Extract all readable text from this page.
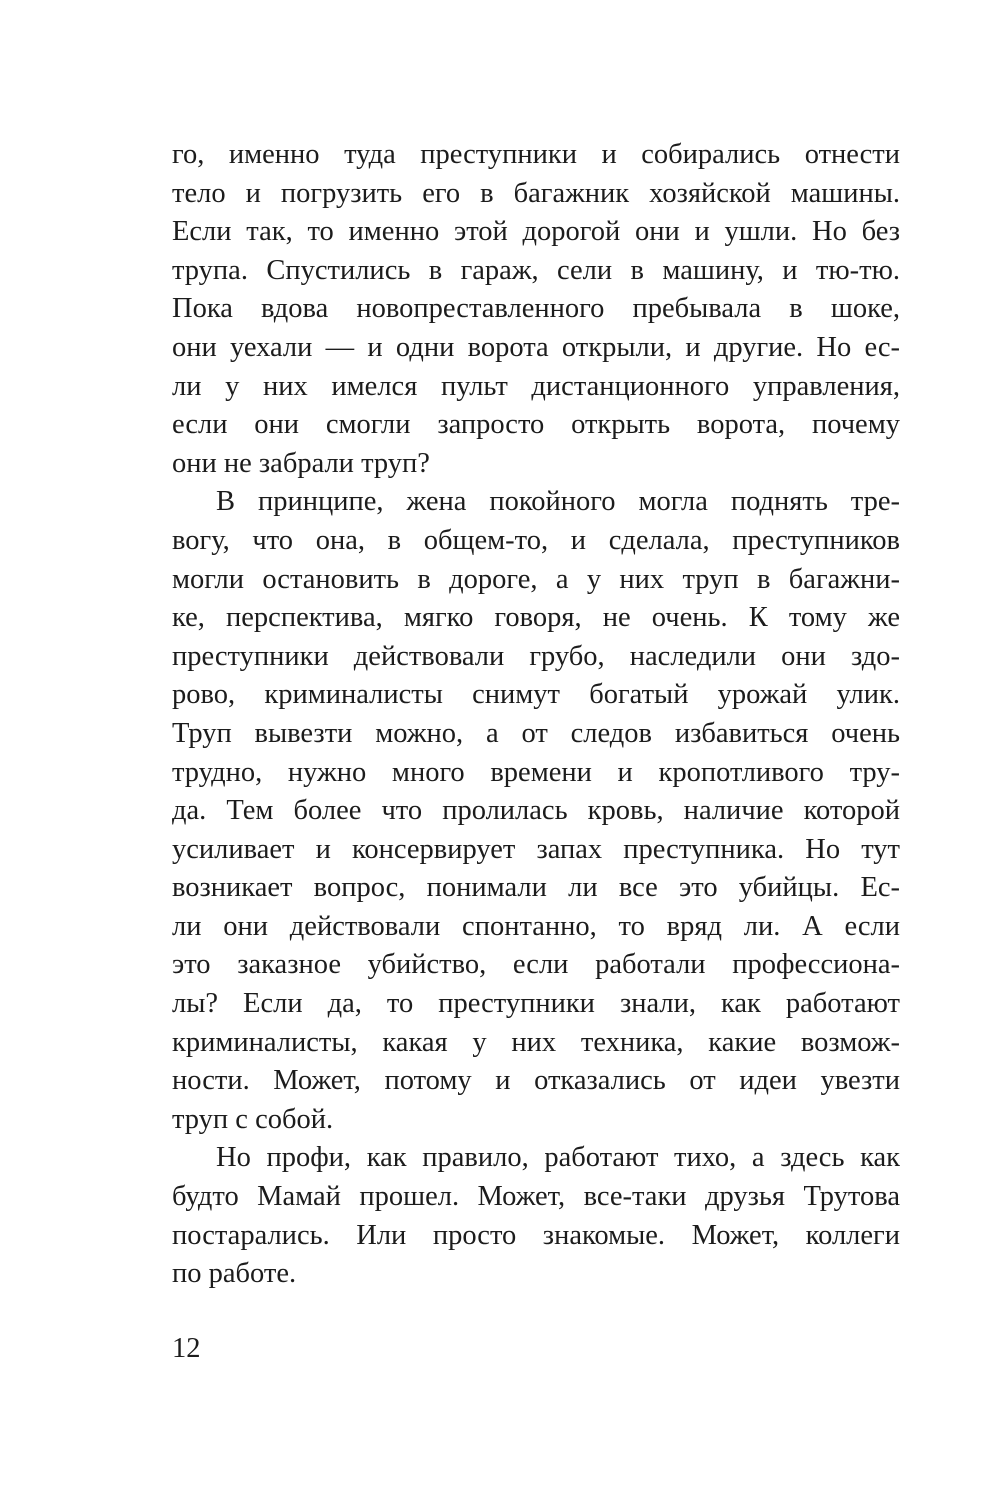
го, именно туда преступники и собирались отнести
тело и погрузить его в багажник хозяйской машины.
Если так, то именно этой дорогой они и ушли. Но без
трупа. Спустились в гараж, сели в машину, и тю-тю.
Пока вдова новопреставленного пребывала в шоке,
они уехали — и одни ворота открыли, и другие. Но ес-
ли у них имелся пульт дистанционного управления,
если они смогли запросто открыть ворота, почему
они не забрали труп?
В принципе, жена покойного могла поднять тре-
вогу, что она, в общем-то, и сделала, преступников
могли остановить в дороге, а у них труп в багажни-
ке, перспектива, мягко говоря, не очень. К тому же
преступники действовали грубо, наследили они здо-
рово, криминалисты снимут богатый урожай улик.
Труп вывезти можно, а от следов избавиться очень
трудно, нужно много времени и кропотливого тру-
да. Тем более что пролилась кровь, наличие которой
усиливает и консервирует запах преступника. Но тут
возникает вопрос, понимали ли все это убийцы. Ес-
ли они действовали спонтанно, то вряд ли. А если
это заказное убийство, если работали профессиона-
лы? Если да, то преступники знали, как работают
криминалисты, какая у них техника, какие возмож-
ности. Может, потому и отказались от идеи увезти
труп с собой.
Но профи, как правило, работают тихо, а здесь как
будто Мамай прошел. Может, все-таки друзья Трутова
постарались. Или просто знакомые. Может, коллеги
по работе.
12
